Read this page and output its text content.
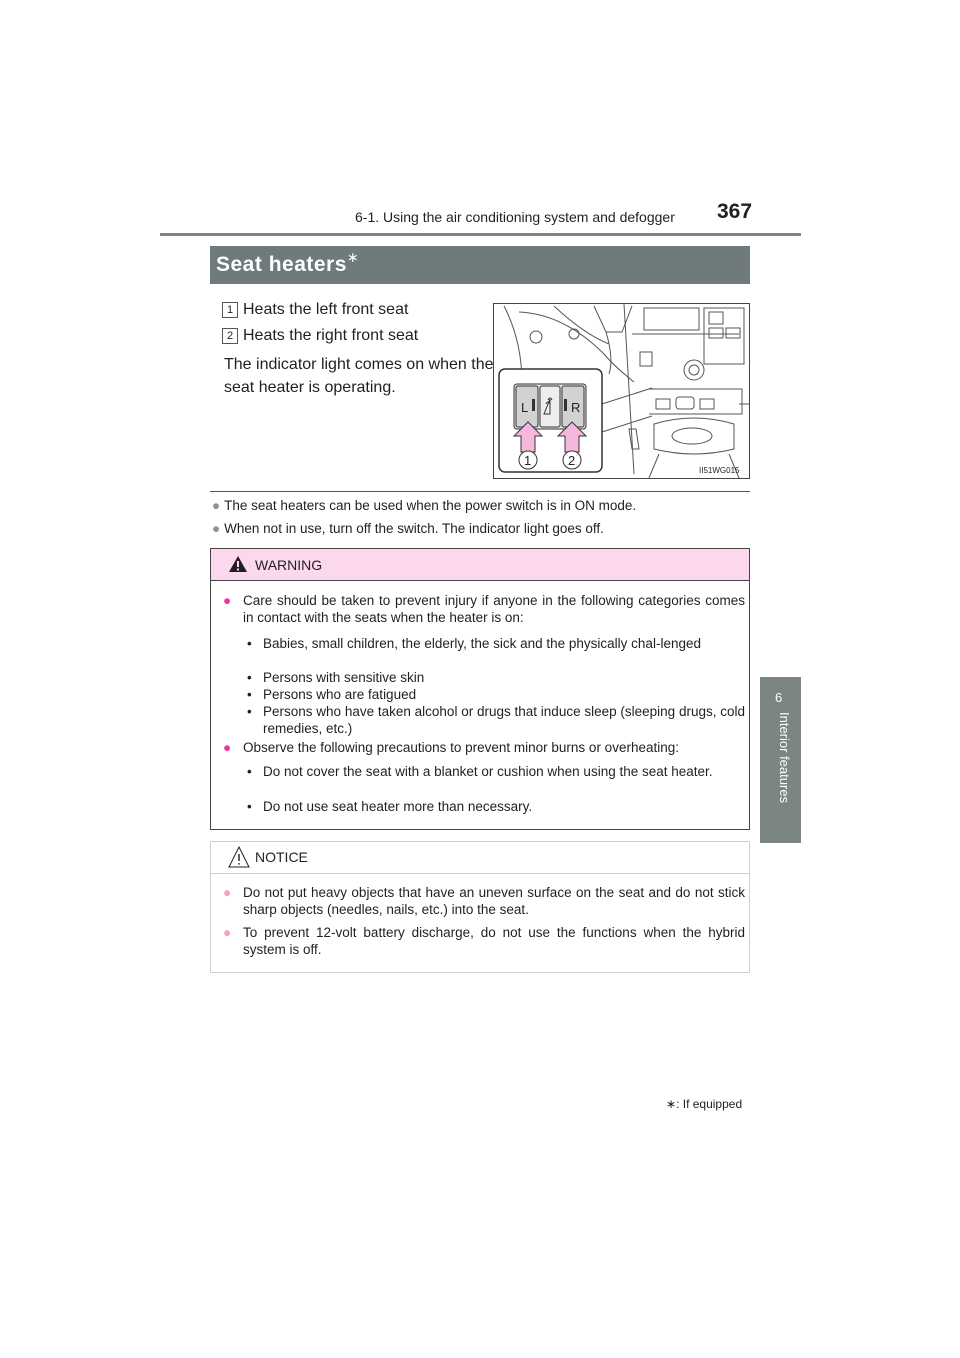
6-1. Using the air conditioning system and defogger 367
6
Interior features
Seat heaters∗
1 Heats the left front seat
2 Heats the right front seat
The indicator light comes on when the seat heater is operating.
L	R
1	2
II51WG015
● The seat heaters can be used when the power switch is in ON mode.
● When not in use, turn off the switch. The indicator light goes off.
WARNING
● Care should be taken to prevent injury if anyone in the following categories comes in contact with the seats when the heater is on:
• Babies, small children, the elderly, the sick and the physically chal-lenged
• Persons with sensitive skin
• Persons who are fatigued
• Persons who have taken alcohol or drugs that induce sleep (sleeping drugs, cold remedies, etc.)
● Observe the following precautions to prevent minor burns or overheating:
• Do not cover the seat with a blanket or cushion when using the seat heater.
• Do not use seat heater more than necessary.
NOTICE
● Do not put heavy objects that have an uneven surface on the seat and do not stick sharp objects (needles, nails, etc.) into the seat.
● To prevent 12-volt battery discharge, do not use the functions when the hybrid system is off.
∗: If equipped
